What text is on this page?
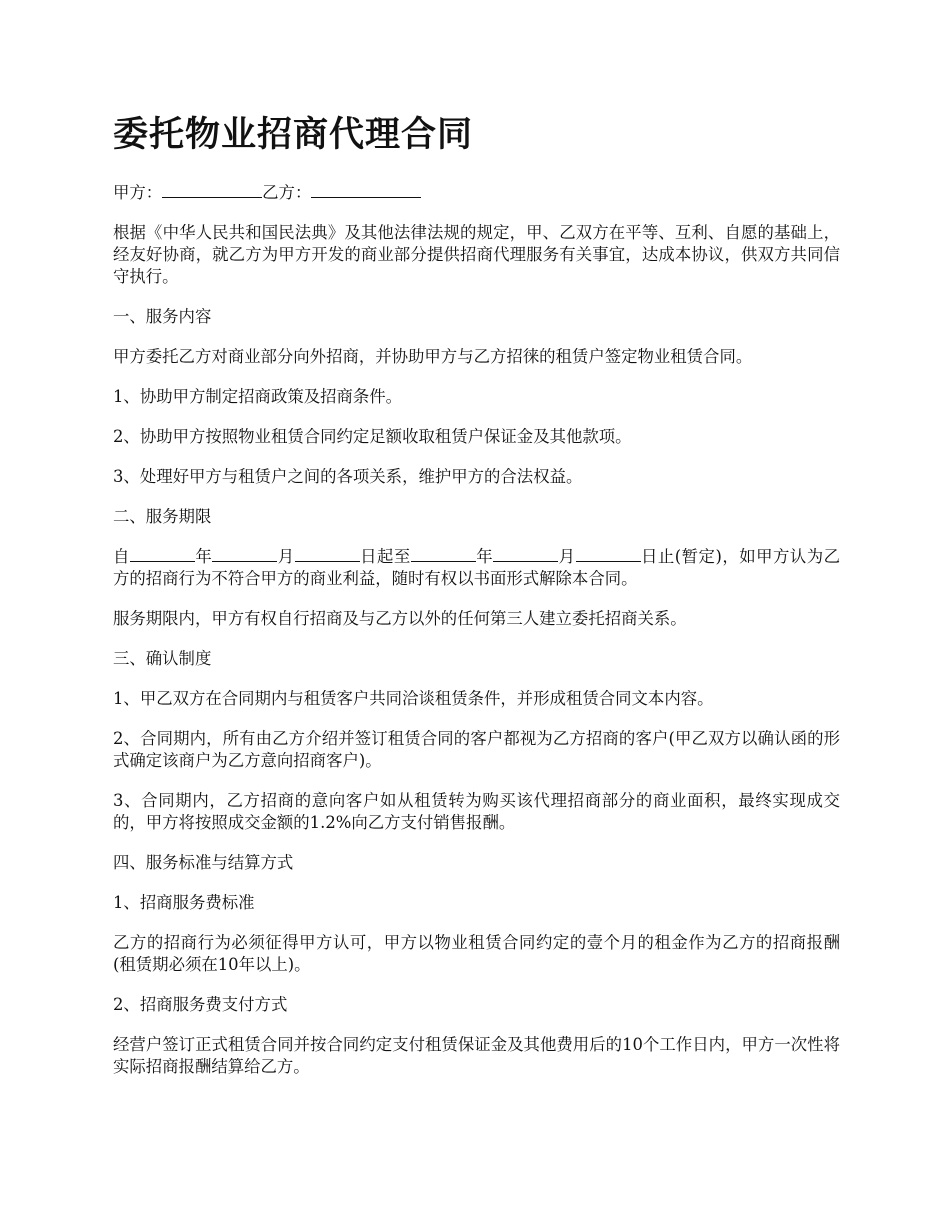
委托物业招商代理合同

甲方：	乙方：

根据《中华人民共和国民法典》及其他法律法规的规定，甲、乙双方在平等、互利、自愿的基础上，经友好协商，就乙方为甲方开发的商业部分提供招商代理服务有关事宜，达成本协议，供双方共同信守执行。

一、服务内容

甲方委托乙方对商业部分向外招商，并协助甲方与乙方招徕的租赁户签定物业租赁合同。

1、协助甲方制定招商政策及招商条件。

2、协助甲方按照物业租赁合同约定足额收取租赁户保证金及其他款项。

3、处理好甲方与租赁户之间的各项关系，维护甲方的合法权益。

二、服务期限

自	年	月	日起至	年	月	日止(暂定)，如甲方认为乙方的招商行为不符合甲方的商业利益，随时有权以书面形式解除本合同。

服务期限内，甲方有权自行招商及与乙方以外的任何第三人建立委托招商关系。

三、确认制度

1、甲乙双方在合同期内与租赁客户共同洽谈租赁条件，并形成租赁合同文本内容。

2、合同期内，所有由乙方介绍并签订租赁合同的客户都视为乙方招商的客户(甲乙双方以确认函的形式确定该商户为乙方意向招商客户)。

3、合同期内，乙方招商的意向客户如从租赁转为购买该代理招商部分的商业面积，最终实现成交的，甲方将按照成交金额的1.2%向乙方支付销售报酬。

四、服务标准与结算方式

1、招商服务费标准

乙方的招商行为必须征得甲方认可，甲方以物业租赁合同约定的壹个月的租金作为乙方的招商报酬(租赁期必须在10年以上)。

2、招商服务费支付方式

经营户签订正式租赁合同并按合同约定支付租赁保证金及其他费用后的10个工作日内，甲方一次性将实际招商报酬结算给乙方。
